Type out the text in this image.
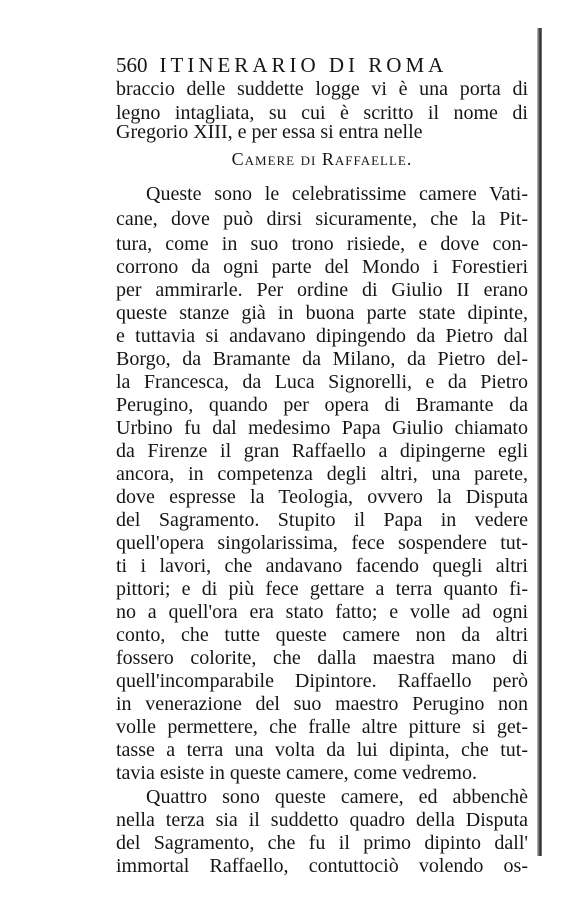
560 ITINERARIO DI ROMA
braccio delle suddette logge vi è una porta di
legno intagliata, su cui è scritto il nome di
Gregorio XIII, e per essa si entra nelle
Camere di Raffaelle.
Queste sono le celebratissime camere Vati-
cane, dove può dirsi sicuramente, che la Pit-
tura, come in suo trono risiede, e dove con-
corrono da ogni parte del Mondo i Forestieri
per ammirarle. Per ordine di Giulio II erano
queste stanze già in buona parte state dipinte,
e tuttavia si andavano dipingendo da Pietro dal
Borgo, da Bramante da Milano, da Pietro del-
la Francesca, da Luca Signorelli, e da Pietro
Perugino, quando per opera di Bramante da
Urbino fu dal medesimo Papa Giulio chiamato
da Firenze il gran Raffaello a dipingerne egli
ancora, in competenza degli altri, una parete,
dove espresse la Teologia, ovvero la Disputa
del Sagramento. Stupito il Papa in vedere
quell'opera singolarissima, fece sospendere tut-
ti i lavori, che andavano facendo quegli altri
pittori; e di più fece gettare a terra quanto fi-
no a quell'ora era stato fatto; e volle ad ogni
conto, che tutte queste camere non da altri
fossero colorite, che dalla maestra mano di
quell'incomparabile Dipintore. Raffaello però
in venerazione del suo maestro Perugino non
volle permettere, che fralle altre pitture si get-
tasse a terra una volta da lui dipinta, che tut-
tavia esiste in queste camere, come vedremo.
Quattro sono queste camere, ed abbenchè
nella terza sia il suddetto quadro della Disputa
del Sagramento, che fu il primo dipinto dall'
immortal Raffaello, contuttociò volendo os-
